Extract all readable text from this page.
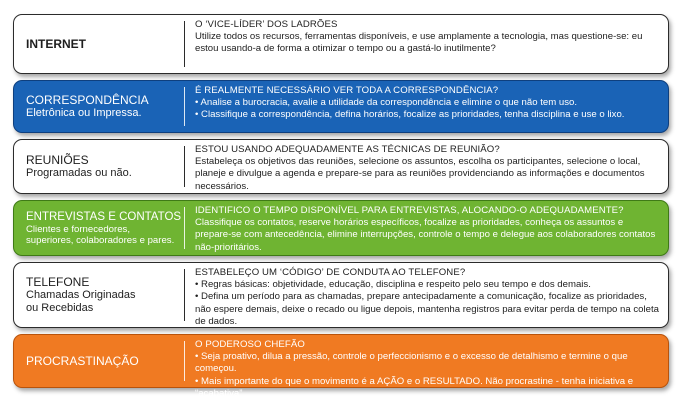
INTERNET
O ‘VICE-LÍDER’ DOS LADRÕES

Utilize todos os recursos, ferramentas disponíveis, e use amplamente a tecnologia, mas questione-se: eu estou usando-a de forma a otimizar o tempo ou a gastá-lo inutilmente?

CORRESPONDÊNCIA
Eletrônica ou Impressa.
É REALMENTE NECESSÁRIO VER TODA A CORRESPONDÊNCIA?

• Analise a burocracia, avalie a utilidade da correspondência e elimine o que não tem uso.

• Classifique a correspondência, defina horários, focalize as prioridades, tenha disciplina e use o lixo.

REUNIÕES
Programadas ou não.
ESTOU USANDO ADEQUADAMENTE AS TÉCNICAS DE REUNIÃO?

Estabeleça os objetivos das reuniões, selecione os assuntos, escolha os participantes, selecione o local, planeje e divulgue a agenda e prepare-se para as reuniões providenciando as informações e documentos necessários.

ENTREVISTAS E CONTATOS
Clientes e fornecedores, superiores, colaboradores e pares.
IDENTIFICO O TEMPO DISPONÍVEL PARA ENTREVISTAS, ALOCANDO-O ADEQUADAMENTE?

Classifique os contatos, reserve horários específicos, focalize as prioridades, conheça os assuntos e prepare-se com antecedência, elimine interrupções, controle o tempo e delegue aos colaboradores contatos não-prioritários.

TELEFONE
Chamadas Originadas ou Recebidas
ESTABELEÇO UM ‘CÓDIGO’ DE CONDUTA AO TELEFONE?

• Regras básicas: objetividade, educação, disciplina e respeito pelo seu tempo e dos demais.

• Defina um período para as chamadas, prepare antecipadamente a comunicação, focalize as prioridades, não espere demais, deixe o recado ou ligue depois, mantenha registros para evitar perda de tempo na coleta de dados.

PROCRASTINAÇÃO
O PODEROSO CHEFÃO

• Seja proativo, dilua a pressão, controle o perfeccionismo e o excesso de detalhismo e termine o que começou.

• Mais importante do que o movimento é a AÇÃO e o RESULTADO. Não procrastine - tenha iniciativa e “acabativa”.
